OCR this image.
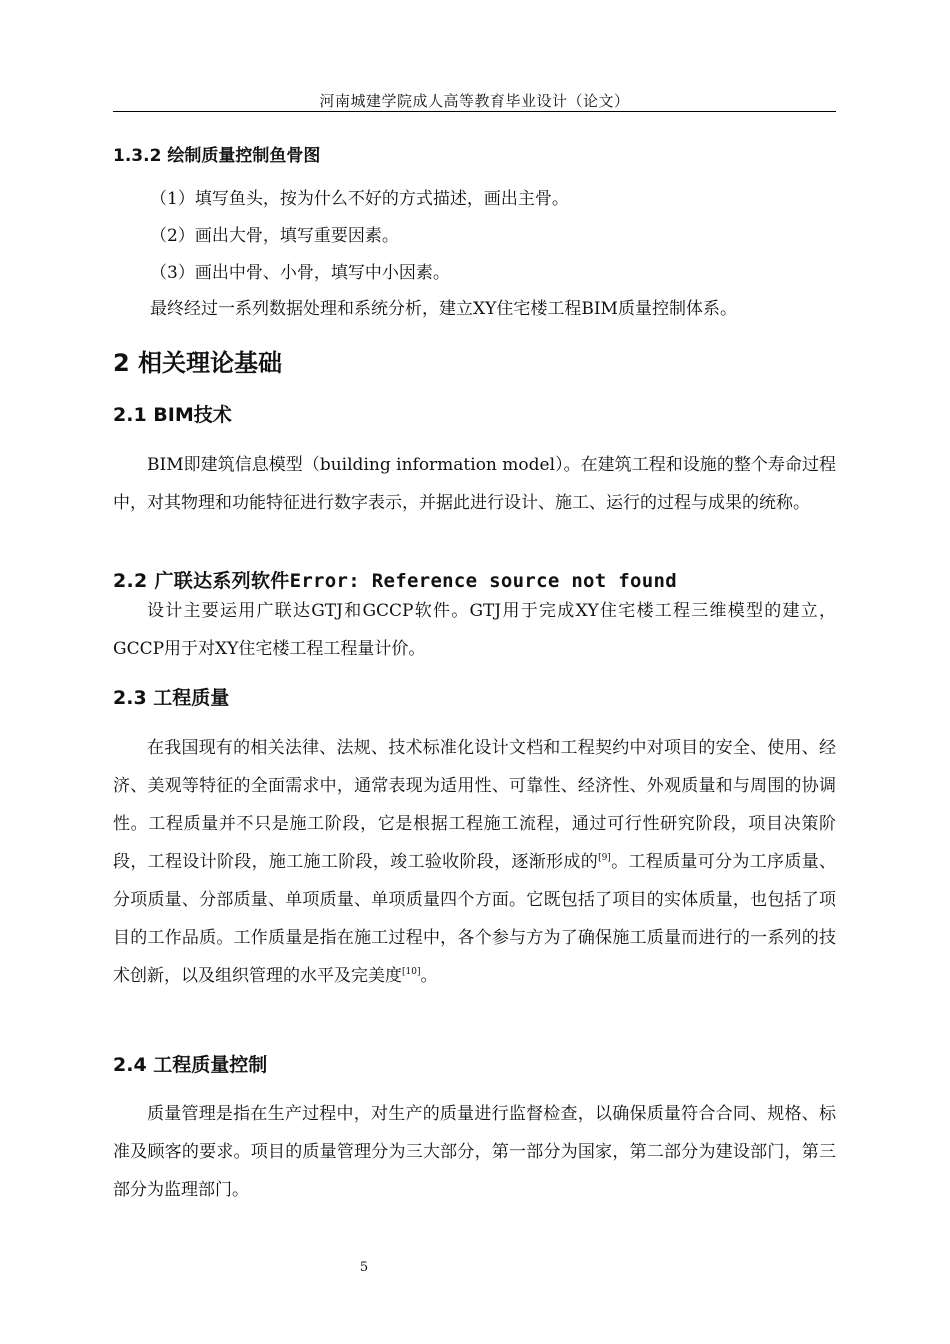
河南城建学院成人高等教育毕业设计（论文）
1.3.2 绘制质量控制鱼骨图
（1）填写鱼头，按为什么不好的方式描述，画出主骨。
（2）画出大骨，填写重要因素。
（3）画出中骨、小骨，填写中小因素。
最终经过一系列数据处理和系统分析，建立XY住宅楼工程BIM质量控制体系。
2 相关理论基础
2.1 BIM技术
BIM即建筑信息模型（building information model）。在建筑工程和设施的整个寿命过程中，对其物理和功能特征进行数字表示，并据此进行设计、施工、运行的过程与成果的统称。
2.2 广联达系列软件Error: Reference source not found
设计主要运用广联达GTJ和GCCP软件。GTJ用于完成XY住宅楼工程三维模型的建立，GCCP用于对XY住宅楼工程工程量计价。
2.3 工程质量
在我国现有的相关法律、法规、技术标准化设计文档和工程契约中对项目的安全、使用、经济、美观等特征的全面需求中，通常表现为适用性、可靠性、经济性、外观质量和与周围的协调性。工程质量并不只是施工阶段，它是根据工程施工流程，通过可行性研究阶段，项目决策阶段，工程设计阶段，施工施工阶段，竣工验收阶段，逐渐形成的[9]。工程质量可分为工序质量、分项质量、分部质量、单项质量、单项质量四个方面。它既包括了项目的实体质量，也包括了项目的工作品质。工作质量是指在施工过程中，各个参与方为了确保施工质量而进行的一系列的技术创新，以及组织管理的水平及完美度[10]。
2.4 工程质量控制
质量管理是指在生产过程中，对生产的质量进行监督检查，以确保质量符合合同、规格、标准及顾客的要求。项目的质量管理分为三大部分，第一部分为国家，第二部分为建设部门，第三部分为监理部门。
5
